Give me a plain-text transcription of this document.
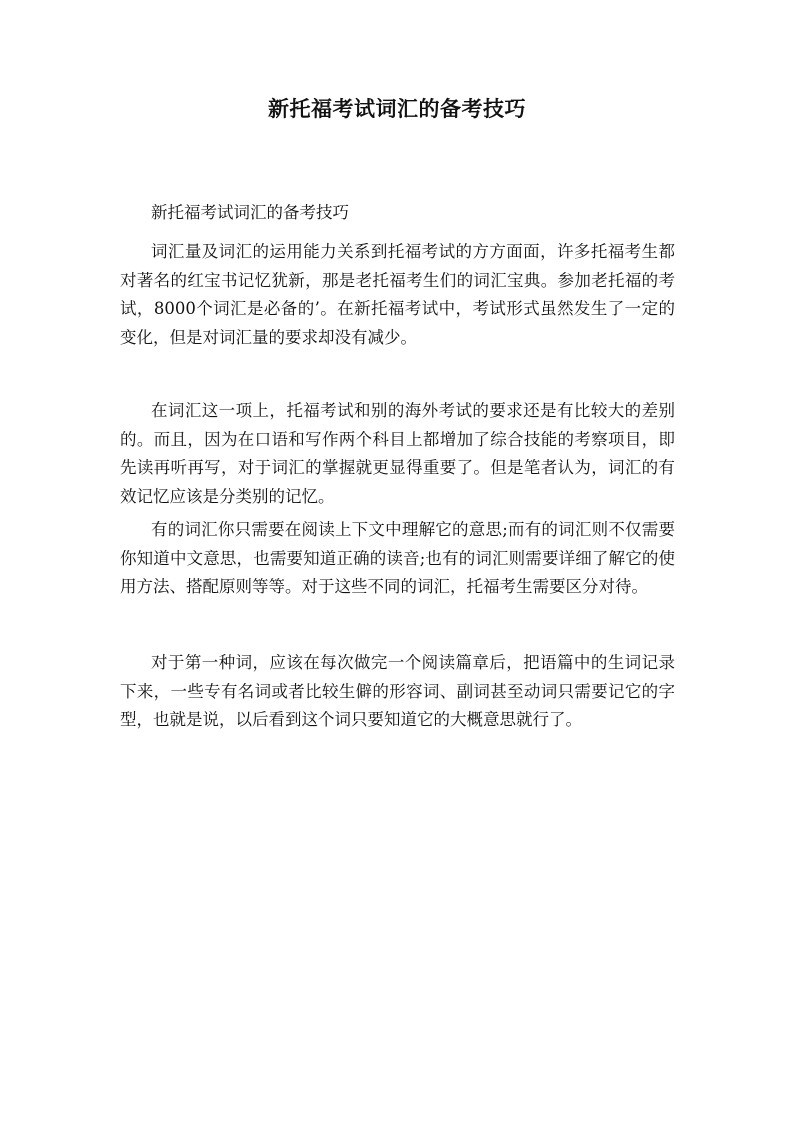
新托福考试词汇的备考技巧

新托福考试词汇的备考技巧

词汇量及词汇的运用能力关系到托福考试的方方面面，许多托福考生都对著名的红宝书记忆犹新，那是老托福考生们的词汇宝典。参加老托福的考试，8000个词汇是必备的’。在新托福考试中，考试形式虽然发生了一定的变化，但是对词汇量的要求却没有减少。

在词汇这一项上，托福考试和别的海外考试的要求还是有比较大的差别的。而且，因为在口语和写作两个科目上都增加了综合技能的考察项目，即先读再听再写，对于词汇的掌握就更显得重要了。但是笔者认为，词汇的有效记忆应该是分类别的记忆。

有的词汇你只需要在阅读上下文中理解它的意思;而有的词汇则不仅需要你知道中文意思，也需要知道正确的读音;也有的词汇则需要详细了解它的使用方法、搭配原则等等。对于这些不同的词汇，托福考生需要区分对待。

对于第一种词，应该在每次做完一个阅读篇章后，把语篇中的生词记录下来，一些专有名词或者比较生僻的形容词、副词甚至动词只需要记它的字型，也就是说，以后看到这个词只要知道它的大概意思就行了。
